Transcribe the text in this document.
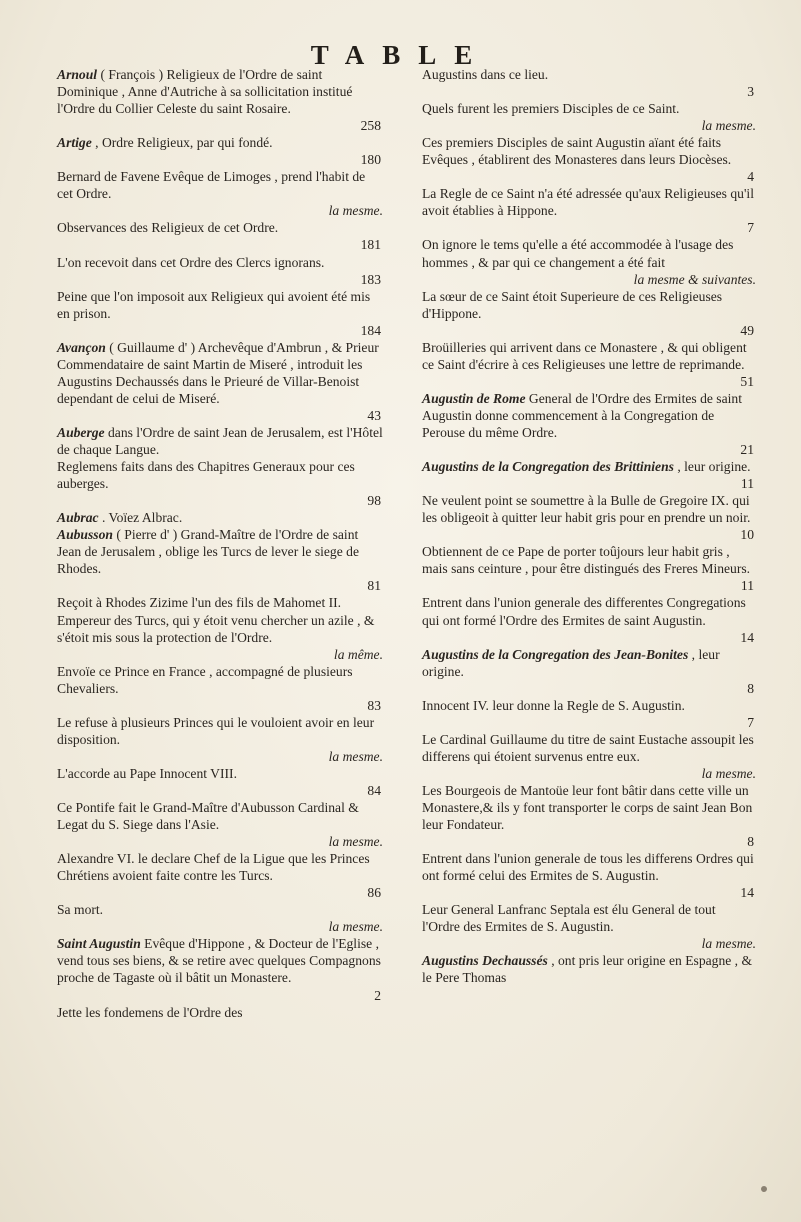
TABLE

Arnoul ( François ) Religieux de l'Ordre de saint Dominique , Anne d'Autriche à sa sollicitation institué l'Ordre du Collier Celeste du saint Rosaire.

258

Artige , Ordre Religieux, par qui fondé.

180

Bernard de Favene Evêque de Limoges , prend l'habit de cet Ordre.

la mesme.

Observances des Religieux de cet Ordre.

181

L'on recevoit dans cet Ordre des Clercs ignorans.

183

Peine que l'on imposoit aux Religieux qui avoient été mis en prison.

184

Avançon ( Guillaume d' ) Archevêque d'Ambrun , & Prieur Commendataire de saint Martin de Miseré , introduit les Augustins Dechaussés dans le Prieuré de Villar-Benoist dependant de celui de Miseré.

43

Auberge dans l'Ordre de saint Jean de Jerusalem, est l'Hôtel de chaque Langue.

Reglemens faits dans des Chapitres Generaux pour ces auberges.

98

Aubrac . Voïez Albrac.

Aubusson ( Pierre d' ) Grand-Maître de l'Ordre de saint Jean de Jerusalem , oblige les Turcs de lever le siege de Rhodes.

81

Reçoit à Rhodes Zizime l'un des fils de Mahomet II. Empereur des Turcs, qui y étoit venu chercher un azile , & s'étoit mis sous la protection de l'Ordre.

la même.

Envoïe ce Prince en France , accompagné de plusieurs Chevaliers.

83

Le refuse à plusieurs Princes qui le vouloient avoir en leur disposition.

la mesme.

L'accorde au Pape Innocent VIII.

84

Ce Pontife fait le Grand-Maître d'Aubusson Cardinal & Legat du S. Siege dans l'Asie.

la mesme.

Alexandre VI. le declare Chef de la Ligue que les Princes Chrétiens avoient faite contre les Turcs.

86

Sa mort.

la mesme.

Saint Augustin Evêque d'Hippone , & Docteur de l'Eglise , vend tous ses biens, & se retire avec quelques Compagnons proche de Tagaste où il bâtit un Monastere.

2

Jette les fondemens de l'Ordre des

Augustins dans ce lieu.

3

Quels furent les premiers Disciples de ce Saint.

la mesme.

Ces premiers Disciples de saint Augustin aïant été faits Evêques , établirent des Monasteres dans leurs Diocèses.

4

La Regle de ce Saint n'a été adressée qu'aux Religieuses qu'il avoit établies à Hippone.

7

On ignore le tems qu'elle a été accommodée à l'usage des hommes , & par qui ce changement a été fait

la mesme & suivantes.

La sœur de ce Saint étoit Superieure de ces Religieuses d'Hippone.

49

Broüilleries qui arrivent dans ce Monastere , & qui obligent ce Saint d'écrire à ces Religieuses une lettre de reprimande.

51

Augustin de Rome General de l'Ordre des Ermites de saint Augustin donne commencement à la Congregation de Perouse du même Ordre.

21

Augustins de la Congregation des Brittiniens , leur origine.

11

Ne veulent point se soumettre à la Bulle de Gregoire IX. qui les obligeoit à quitter leur habit gris pour en prendre un noir.

10

Obtiennent de ce Pape de porter toûjours leur habit gris , mais sans ceinture , pour être distingués des Freres Mineurs.

11

Entrent dans l'union generale des differentes Congregations qui ont formé l'Ordre des Ermites de saint Augustin.

14

Augustins de la Congregation des Jean-Bonites , leur origine.

8

Innocent IV. leur donne la Regle de S. Augustin.

7

Le Cardinal Guillaume du titre de saint Eustache assoupit les differens qui étoient survenus entre eux.

la mesme.

Les Bourgeois de Mantoüe leur font bâtir dans cette ville un Monastere,& ils y font transporter le corps de saint Jean Bon leur Fondateur.

8

Entrent dans l'union generale de tous les differens Ordres qui ont formé celui des Ermites de S. Augustin.

14

Leur General Lanfranc Septala est élu General de tout l'Ordre des Ermites de S. Augustin.

la mesme.

Augustins Dechaussés , ont pris leur origine en Espagne , & le Pere Thomas
